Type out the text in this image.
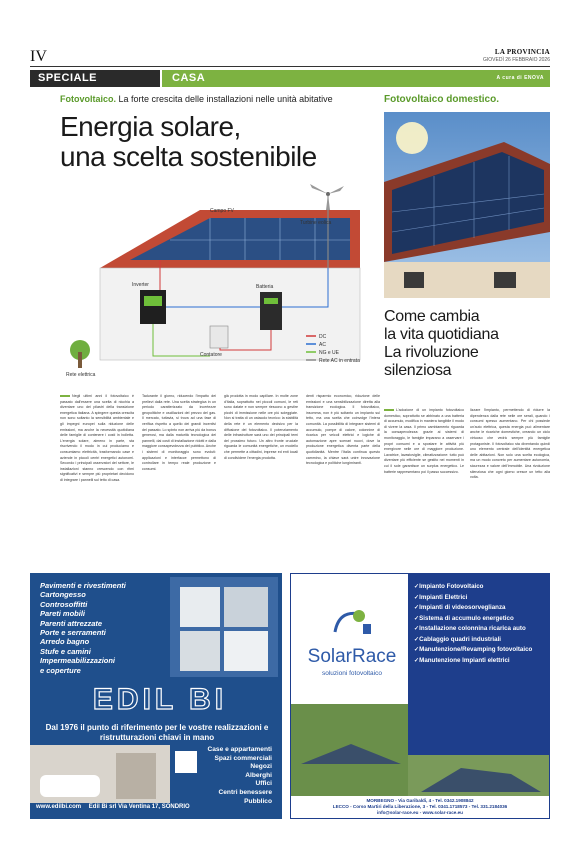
IV	LA PROVINCIA
GIOVEDÌ 26 FEBBRAIO 2026
SPECIALE	CASA	A cura di ENOVA
Fotovoltaico. La forte crescita delle installazioni nelle unità abitative
Energia solare,
una scelta sostenibile
DC
AC
NG e UE
Rete AC in entrata
Campo FV
Turbine eolica
Inverter	Batteria
Contatore
Rete elettrica
Negli ultimi anni il fotovoltaico è passato dall'essere una scelta di nicchia a diventare uno dei pilastri della transizione energetica italiana. A spingere questa crescita non sono soltanto la sensibilità ambientale e gli impegni europei sulla riduzione delle emissioni, ma anche la necessità quotidiana delle famiglie di contenere i costi in bolletta. L'energia solare, almeno in parte, sta riscrivendo il modo in cui produciamo e consumiamo elettricità, trasformando case e aziende in piccoli centri energetici autonomi. Secondo i principali osservatori del settore, le installazioni stanno crescendo con ritmi significativi e sempre più proprietari decidono di integrare i pannelli sul tetto di casa.
Tadurante il giorno, riducendo l'impatto dei prelievi dalla rete. Una scelta strategica in un periodo caratterizzato da incertezze geopolitiche e oscillazioni del prezzo del gas. Il mercato, tuttavia, si trova ad una fase di verifica rispetto a quello dei grandi incentivi del passato. Lo spinto non arriva più da bonus generosi, ma dalla maturità tecnologica dei pannelli, dai costi di installazione ridotti e dalla maggiore consapevolezza del pubblico. Anche i sistemi di monitoraggio sono evoluti: applicazioni e interfacce permettono di controllare in tempo reale produzione e consumi.
già prodotta in modo capillare. In molte zone d'Italia, soprattutto nei piccoli comuni, le reti sono datate e non sempre riescono a gestire picchi di immissione nelle ore più soleggiate. Non si tratta di un ostacolo tecnico: la stabilità della rete è un elemento decisivo per la diffusione del fotovoltaico. Il potenziamento delle infrastrutture sarà uno dei principali temi del prossimo futuro. Un altro fronte cruciale riguarda le comunità energetiche, un modello che permette a cittadini, imprese ed enti locali di condividere l'energia prodotta.
denti risparmio economico, riduzione delle emissioni e una sensibilizzazione diretta alla transizione ecologica. Il fotovoltaico, insomma, non è più soltanto un impianto sul tetto, ma una scelta che coinvolge l'intera comunità. La possibilità di integrare sistemi di accumulo, pompe di calore, colonnine di ricarica per veicoli elettrici e logiche di automazione apre scenari nuovi, dove la produzione energetica diventa parte della quotidianità. Mentre l'Italia continua questo cammino, la chiave sarà unire innovazione tecnologica e politiche lungimiranti.
Fotovoltaico domestico.
Come cambia
la vita quotidiana
La rivoluzione
silenziosa
L'adozione di un impianto fotovoltaico domestico, soprattutto se abbinato a una batteria di accumulo, modifica in maniera tangibile il modo di vivere la casa. Il primo cambiamento riguarda la consapevolezza: grazie ai sistemi di monitoraggio, le famiglie imparano a osservare i propri consumi e a spostare le attività più energivore nelle ore di maggiore produzione. Lavatrice, lavastoviglie, climatizzazione: tutto può diventare più efficiente se gestito nei momenti in cui il sole garantisce un surplus energetico. Le batterie rappresentano poi il passo successivo.
lizzare l'impianto, permettendo di ridurre la dipendenza dalla rete nelle ore serali, quando i consumi spesso aumentano. Per chi possiede un'auto elettrica, questa energia può alimentare anche le ricariche domestiche, creando un ciclo virtuoso che vedrà sempre più famiglie protagoniste. Il fotovoltaico sta diventando quindi uno elemento centrale dell'identità energetica delle abitazioni. Non solo una scelta ecologica, ma un modo concreto per aumentare autonomia, sicurezza e valore dell'immobile. Una rivoluzione silenziosa che ogni giorno cresce un tetto alla volta.
Pavimenti e rivestimenti
Cartongesso
Controsoffitti
Pareti mobili
Parenti attrezzate
Porte e serramenti
Arredo bagno
Stufe e camini
Impermeabilizzazioni
e coperture
EDIL BI
Dal 1976 il punto di riferimento per le vostre realizzazioni e ristrutturazioni chiavi in mano
Case e appartamenti
Spazi commerciali
Negozi
Alberghi
Uffici
Centri benessere
Pubblico
www.edilbi.com Edil Bi srl Via Ventina 17, SONDRIO
✓Impianto Fotovoltaico
✓Impianti Elettrici
✓Impianti di videosorveglianza
✓Sistema di accumulo energetico
✓Installazione colonnina ricarica auto
✓Cablaggio quadri industriali
✓Manutenzione/Revamping fotovoltaico
✓Manutenzione Impianti elettrici
SolarRace
soluzioni fotovoltaico
MORBEGNO - Via Garibaldi, 4 - Tel. 0342.1908842
LECCO - Corso Martiri della Liberazione, 3 - Tel. 0341.1718573 - Tel. 331.2184036
info@solar-race.eu - www.solar-race.eu
